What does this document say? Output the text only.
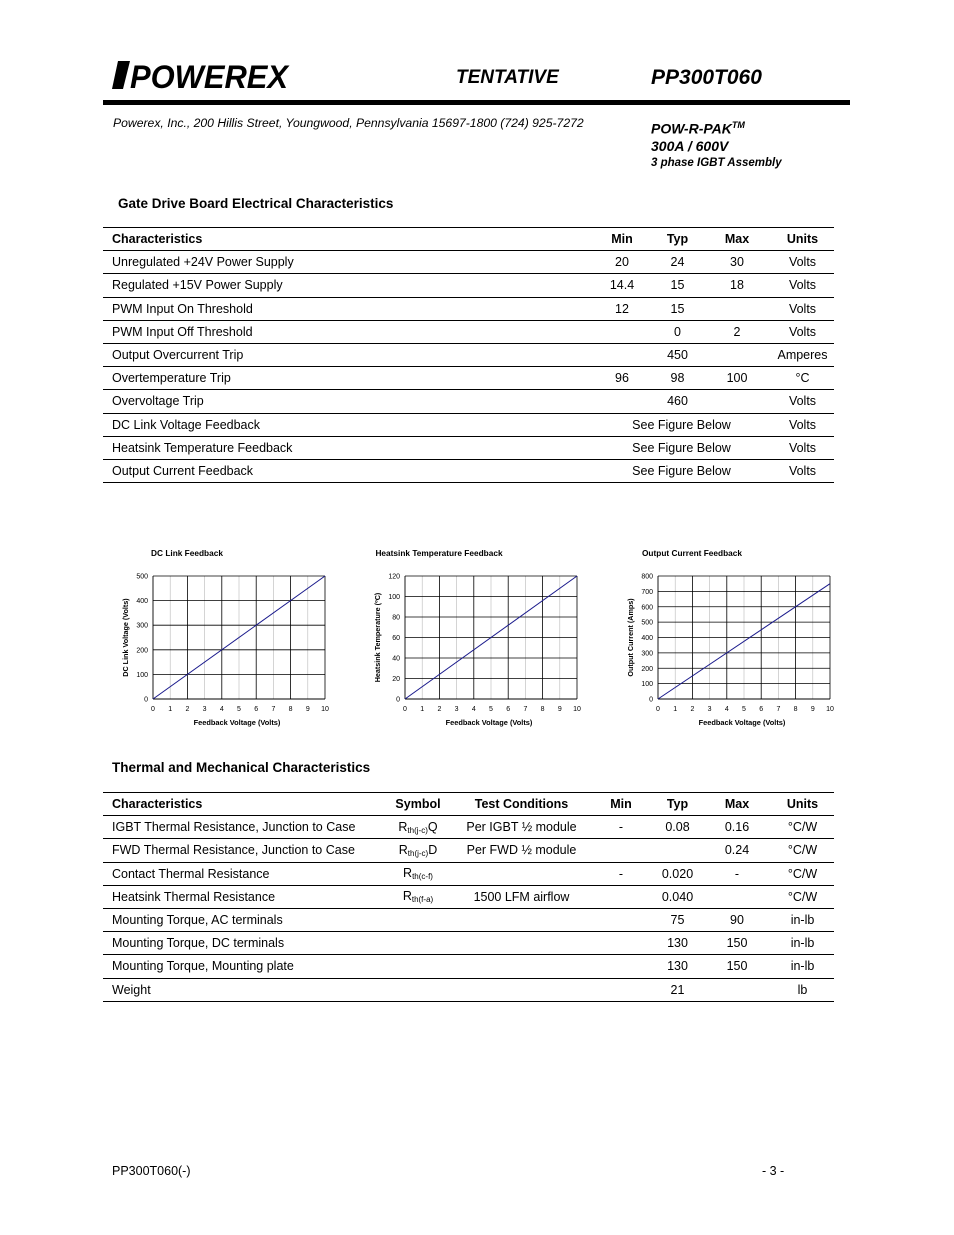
POWEREX	TENTATIVE	PP300T060
Powerex, Inc., 200 Hillis Street, Youngwood, Pennsylvania 15697-1800 (724) 925-7272	POW-R-PAK™
300A / 600V
3 phase IGBT Assembly
Gate Drive Board Electrical Characteristics
Characteristics	Min	Typ	Max	Units
Unregulated +24V Power Supply	20	24	30	Volts
Regulated +15V Power Supply	14.4	15	18	Volts
PWM Input On Threshold	12	15		Volts
PWM Input Off Threshold		0	2	Volts
Output Overcurrent Trip		450		Amperes
Overtemperature Trip	96	98	100	°C
Overvoltage Trip		460		Volts
DC Link Voltage Feedback	See Figure Below			Volts
Heatsink Temperature Feedback	See Figure Below			Volts
Output Current Feedback	See Figure Below			Volts
DC Link Feedback
0 1 2 3 4 5 6 7 8 9 10
0
100
200
300
400
500
Feedback Voltage (Volts)
DC Link Voltage (Volts)
Heatsink Temperature Feedback
0 1 2 3 4 5 6 7 8 9 10
0
20
40
60
80
100
120
Feedback Voltage (Volts)
Heatsink Temperature (ºC)
Output Current Feedback
0 1 2 3 4 5 6 7 8 9 10
0
100
200
300
400
500
600
700
800
Feedback Voltage (Volts)
Output Current (Amps)
Thermal and Mechanical Characteristics
Characteristics	Symbol	Test Conditions	Min	Typ	Max	Units
IGBT Thermal Resistance, Junction to Case	$R_{th(j-c)}Q$	Per IGBT ½ module	-	0.08	0.16	°C/W
FWD Thermal Resistance, Junction to Case	$R_{th(j-c)}D$	Per FWD ½ module			0.24	°C/W
Contact Thermal Resistance	$R_{th(c-f)}$		-	0.020	-	°C/W
Heatsink Thermal Resistance	$R_{th(f-a)}$	1500 LFM airflow		0.040		°C/W
Mounting Torque, AC terminals				75	90	in-lb
Mounting Torque, DC terminals				130	150	in-lb
Mounting Torque, Mounting plate				130	150	in-lb
Weight				21		lb
PP300T060(-)	- 3 -
